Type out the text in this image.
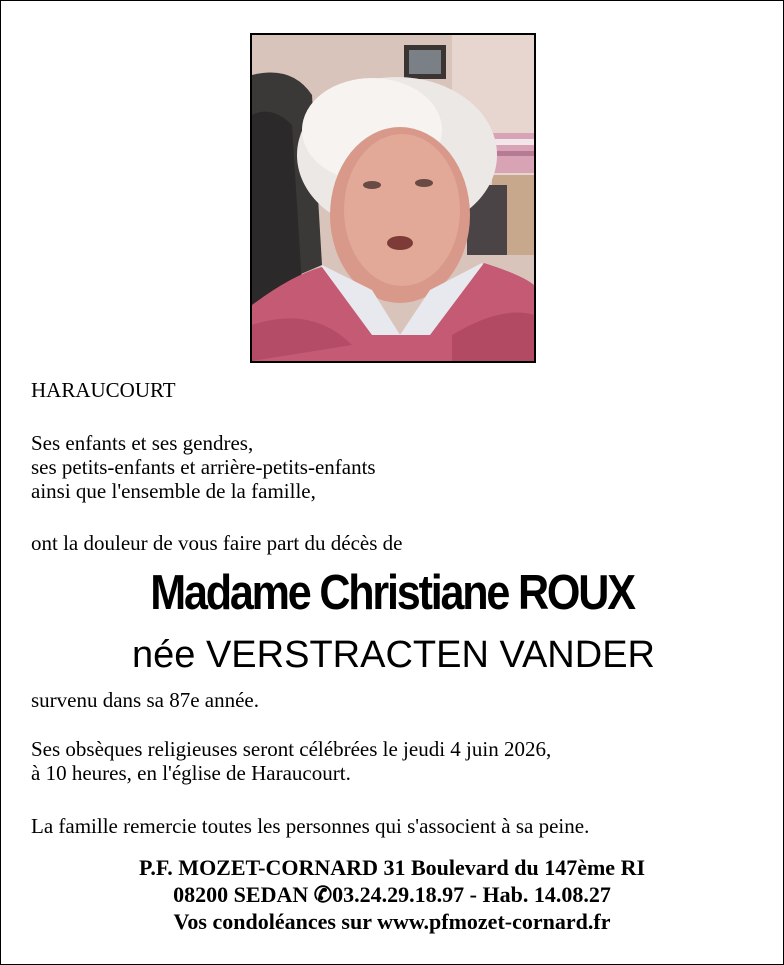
HARAUCOURT
Ses enfants et ses gendres,
ses petits-enfants et arrière-petits-enfants
ainsi que l'ensemble de la famille,
ont la douleur de vous faire part du décès de
Madame Christiane ROUX
née VERSTRACTEN VANDER
survenu dans sa 87e année.
Ses obsèques religieuses seront célébrées le jeudi 4 juin 2026,
à 10 heures, en l'église de Haraucourt.
La famille remercie toutes les personnes qui s'associent à sa peine.
P.F. MOZET-CORNARD 31 Boulevard du 147ème RI
08200 SEDAN ✆03.24.29.18.97 - Hab. 14.08.27
Vos condoléances sur www.pfmozet-cornard.fr
